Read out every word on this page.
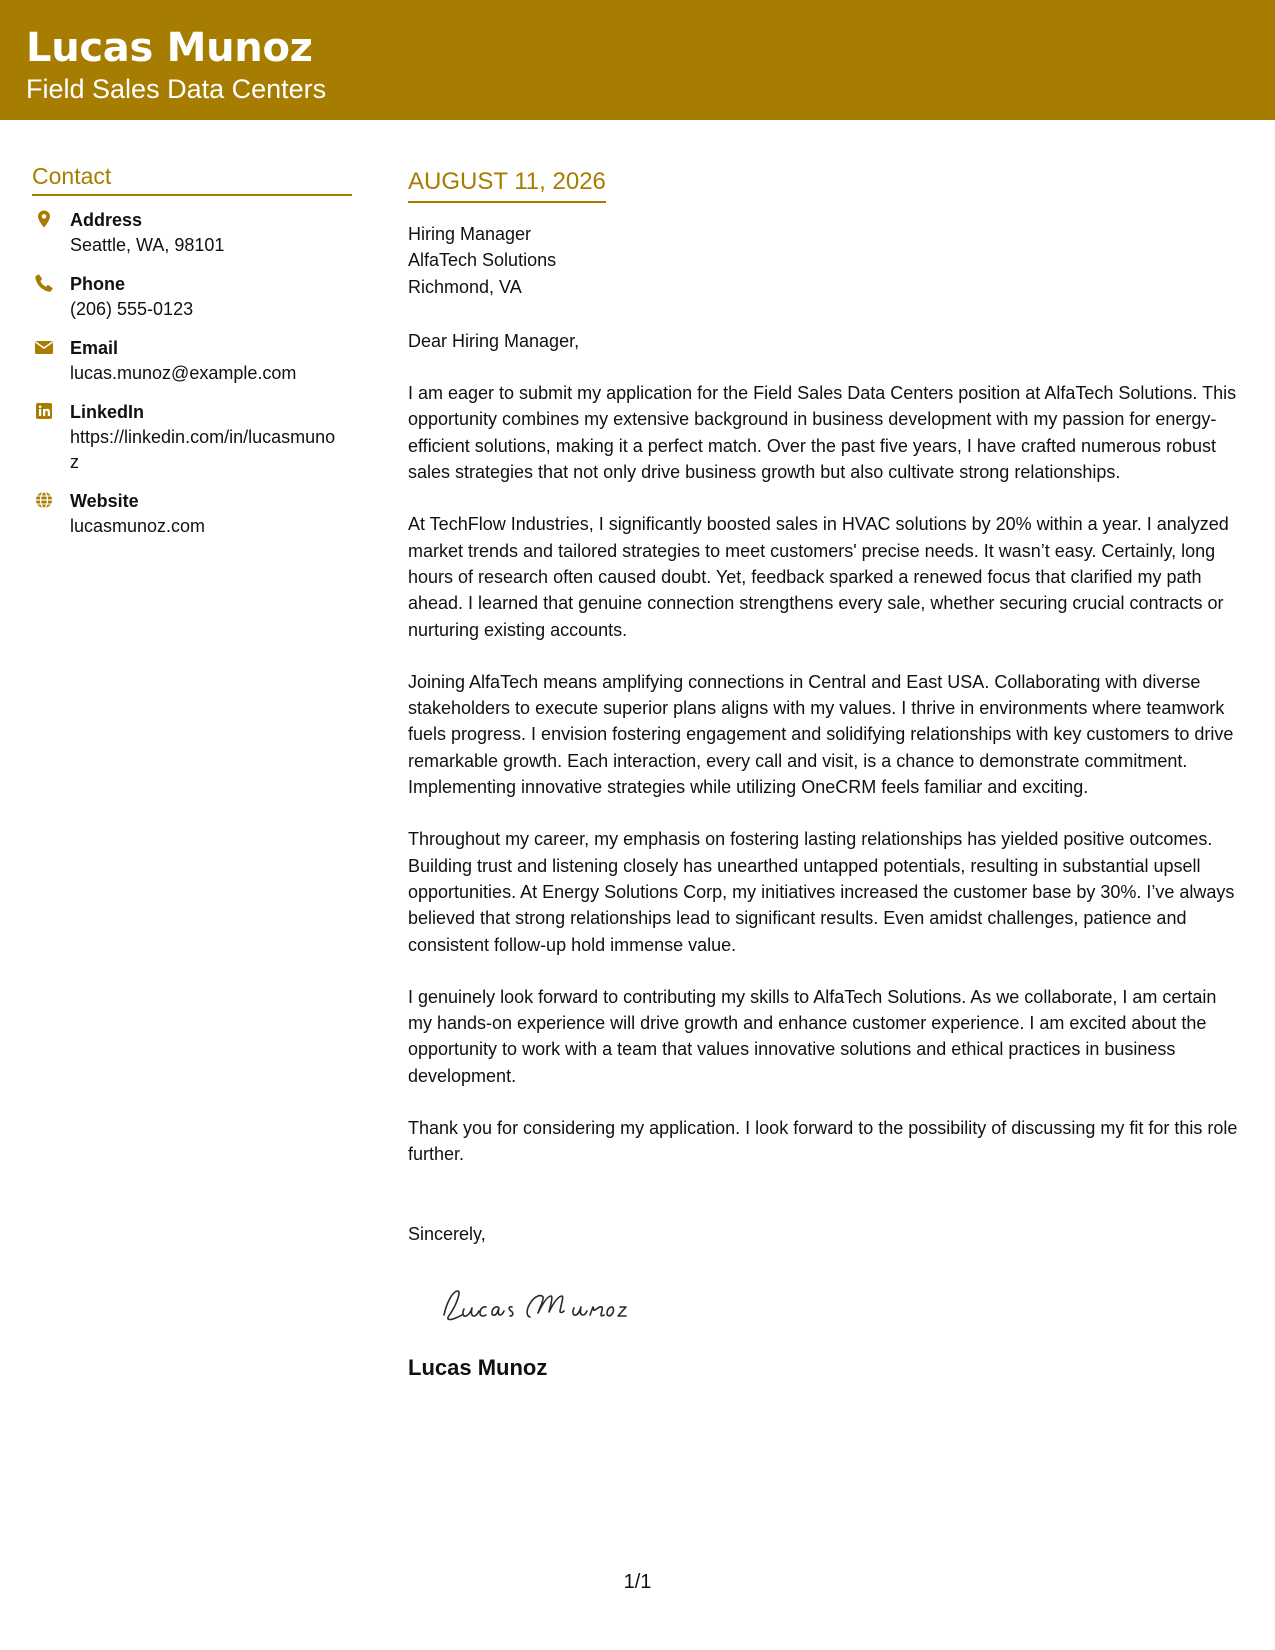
Lucas Munoz
Field Sales Data Centers
Contact
Address
Seattle, WA, 98101
Phone
(206) 555-0123
Email
lucas.munoz@example.com
LinkedIn
https://linkedin.com/in/lucasmunoz
Website
lucasmunoz.com
AUGUST 11, 2026

Hiring Manager

AlfaTech Solutions

Richmond, VA

Dear Hiring Manager,

I am eager to submit my application for the Field Sales Data Centers position at AlfaTech Solutions. This opportunity combines my extensive background in business development with my passion for energy-efficient solutions, making it a perfect match. Over the past five years, I have crafted numerous robust sales strategies that not only drive business growth but also cultivate strong relationships.

At TechFlow Industries, I significantly boosted sales in HVAC solutions by 20% within a year. I analyzed market trends and tailored strategies to meet customers' precise needs. It wasn’t easy. Certainly, long hours of research often caused doubt. Yet, feedback sparked a renewed focus that clarified my path ahead. I learned that genuine connection strengthens every sale, whether securing crucial contracts or nurturing existing accounts.

Joining AlfaTech means amplifying connections in Central and East USA. Collaborating with diverse stakeholders to execute superior plans aligns with my values. I thrive in environments where teamwork fuels progress. I envision fostering engagement and solidifying relationships with key customers to drive remarkable growth. Each interaction, every call and visit, is a chance to demonstrate commitment. Implementing innovative strategies while utilizing OneCRM feels familiar and exciting.

Throughout my career, my emphasis on fostering lasting relationships has yielded positive outcomes. Building trust and listening closely has unearthed untapped potentials, resulting in substantial upsell opportunities. At Energy Solutions Corp, my initiatives increased the customer base by 30%. I’ve always believed that strong relationships lead to significant results. Even amidst challenges, patience and consistent follow-up hold immense value.

I genuinely look forward to contributing my skills to AlfaTech Solutions. As we collaborate, I am certain my hands-on experience will drive growth and enhance customer experience. I am excited about the opportunity to work with a team that values innovative solutions and ethical practices in business development.

Thank you for considering my application. I look forward to the possibility of discussing my fit for this role further.

Sincerely,

Lucas Munoz
1/1
